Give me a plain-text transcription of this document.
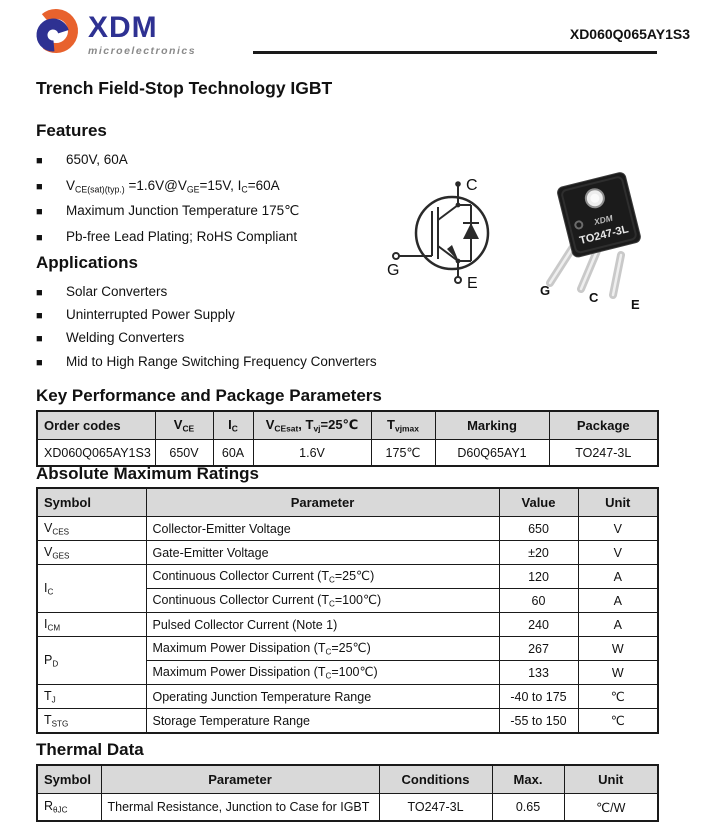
XDM
microelectronics
XD060Q065AY1S3
Trench Field-Stop Technology IGBT
Features
■	650V, 60A
■	$V_{CE(sat)(typ.)}$ $=1.6V@V_{GE}=15V$, $I_C=60A$
■	Maximum Junction Temperature 175℃
■	Pb-free Lead Plating; RoHS Compliant
Applications
■	Solar Converters
■	Uninterrupted Power Supply
■	Welding Converters
■	Mid to High Range Switching Frequency Converters
C
G
E
XDM
TO247-3L
G	C	E
Key Performance and Package Parameters
Order codes	$V_{CE}$	$I_C$	$V_{CEsat}$, $T_{vj}=25℃$	$T_{vjmax}$	Marking	Package
XD060Q065AY1S3	650V	60A	1.6V	175℃	D60Q65AY1	TO247-3L
Absolute Maximum Ratings
Symbol	Parameter	Value	Unit
$V_{CES}$	Collector-Emitter Voltage	650	V
$V_{GES}$	Gate-Emitter Voltage	±20	V
$I_C$	Continuous Collector Current $(T_C=25℃)$	120	A
	Continuous Collector Current $(T_C=100℃)$	60	A
$I_{CM}$	Pulsed Collector Current (Note 1)	240	A
$P_D$	Maximum Power Dissipation $(T_C=25℃)$	267	W
	Maximum Power Dissipation $(T_C=100℃)$	133	W
$T_J$	Operating Junction Temperature Range	-40 to 175	℃
$T_{STG}$	Storage Temperature Range	-55 to 150	℃
Thermal Data
Symbol	Parameter	Conditions	Max.	Unit
$R_{\theta JC}$	Thermal Resistance, Junction to Case for IGBT	TO247-3L	0.65	℃/W
